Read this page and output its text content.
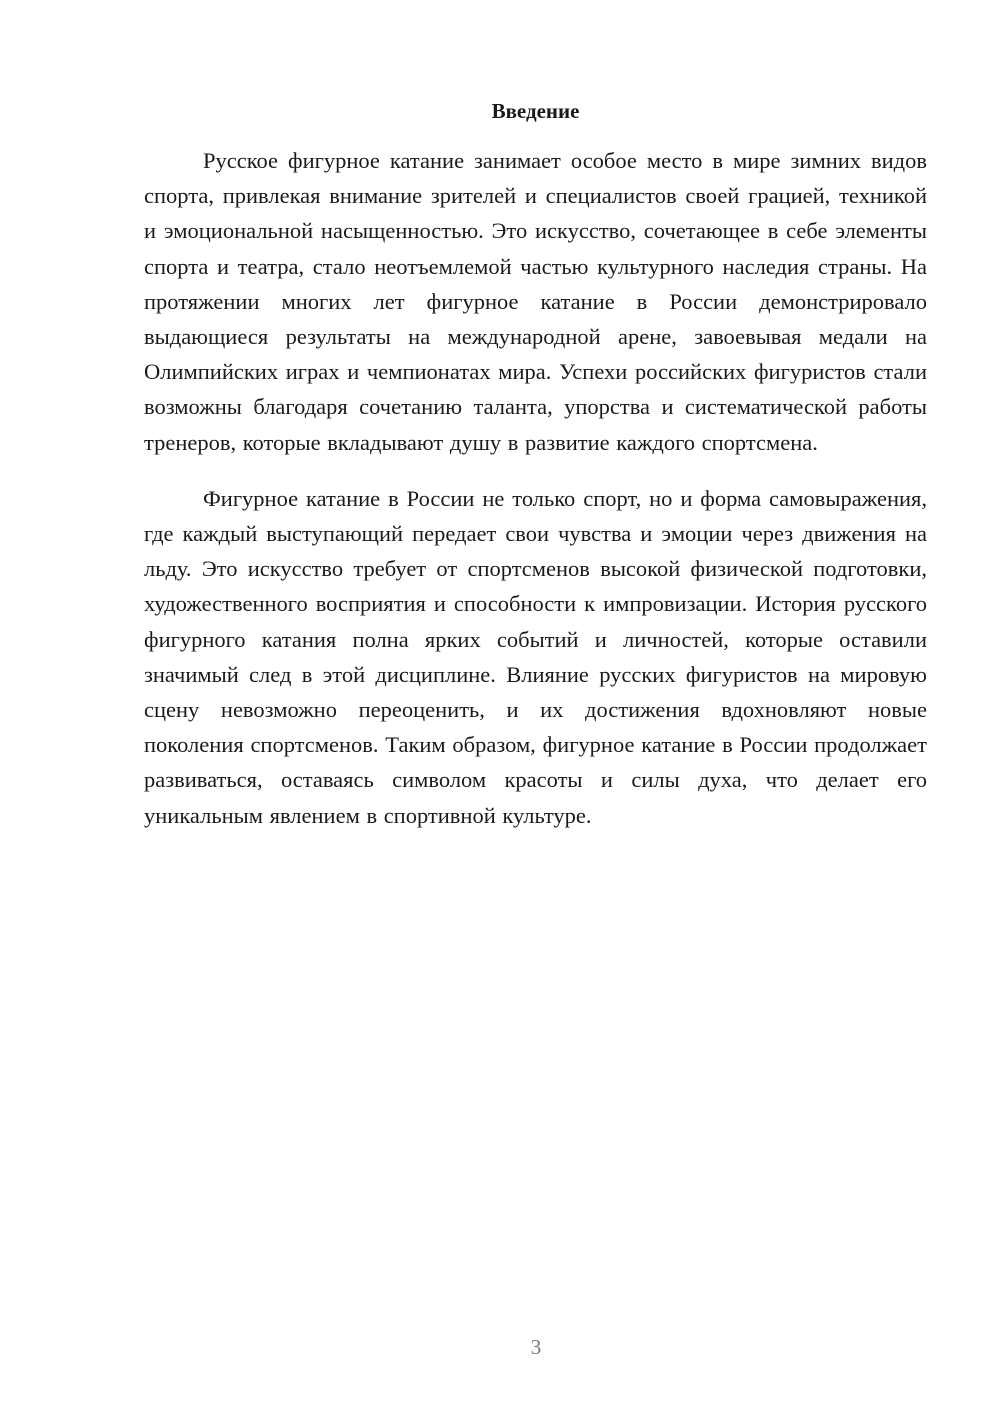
Введение

Русское фигурное катание занимает особое место в мире зимних видов спорта, привлекая внимание зрителей и специалистов своей грацией, техникой и эмоциональной насыщенностью. Это искусство, сочетающее в себе элементы спорта и театра, стало неотъемлемой частью культурного наследия страны. На протяжении многих лет фигурное катание в России демонстрировало выдающиеся результаты на международной арене, завоевывая медали на Олимпийских играх и чемпионатах мира. Успехи российских фигуристов стали возможны благодаря сочетанию таланта, упорства и систематической работы тренеров, которые вкладывают душу в развитие каждого спортсмена.

Фигурное катание в России не только спорт, но и форма самовыражения, где каждый выступающий передает свои чувства и эмоции через движения на льду. Это искусство требует от спортсменов высокой физической подготовки, художественного восприятия и способности к импровизации. История русского фигурного катания полна ярких событий и личностей, которые оставили значимый след в этой дисциплине. Влияние русских фигуристов на мировую сцену невозможно переоценить, и их достижения вдохновляют новые поколения спортсменов. Таким образом, фигурное катание в России продолжает развиваться, оставаясь символом красоты и силы духа, что делает его уникальным явлением в спортивной культуре.

3
